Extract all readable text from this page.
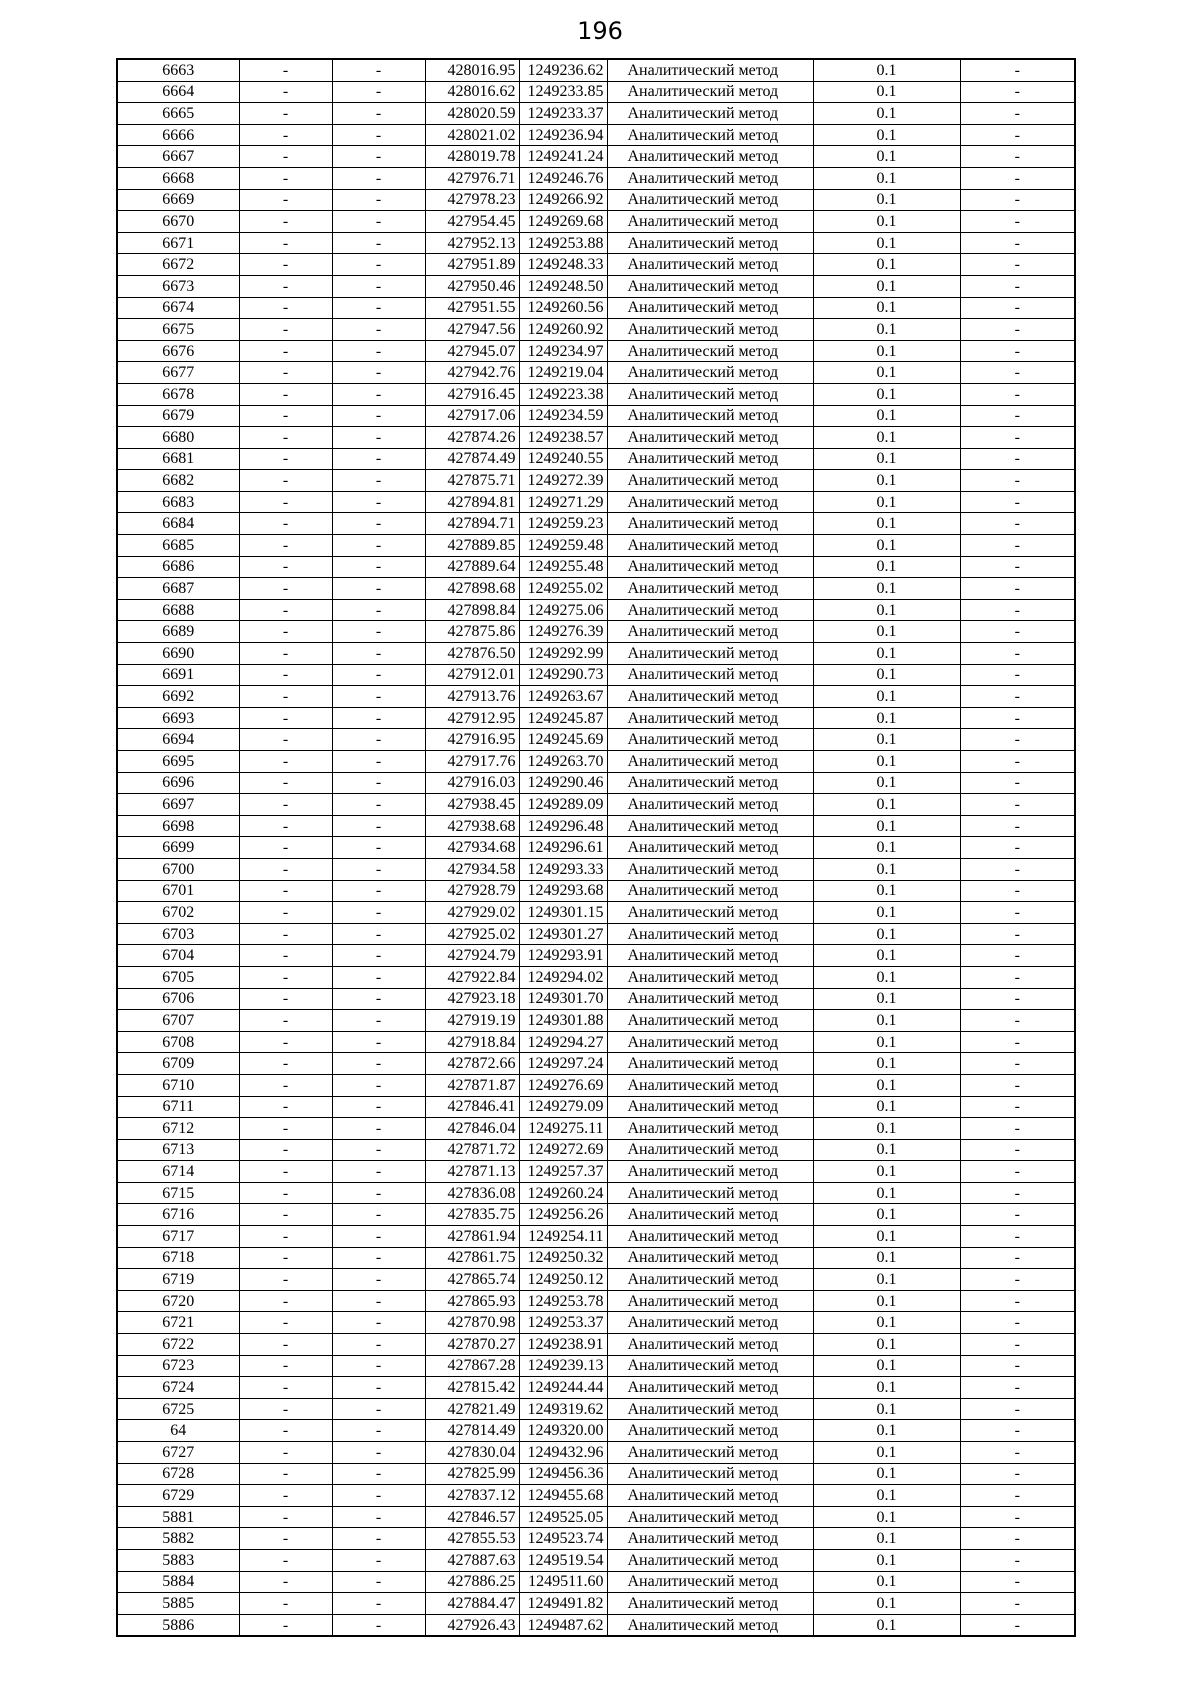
196
6663	-	-	428016.95	1249236.62	Аналитический метод	0.1	-
6664	-	-	428016.62	1249233.85	Аналитический метод	0.1	-
6665	-	-	428020.59	1249233.37	Аналитический метод	0.1	-
6666	-	-	428021.02	1249236.94	Аналитический метод	0.1	-
6667	-	-	428019.78	1249241.24	Аналитический метод	0.1	-
6668	-	-	427976.71	1249246.76	Аналитический метод	0.1	-
6669	-	-	427978.23	1249266.92	Аналитический метод	0.1	-
6670	-	-	427954.45	1249269.68	Аналитический метод	0.1	-
6671	-	-	427952.13	1249253.88	Аналитический метод	0.1	-
6672	-	-	427951.89	1249248.33	Аналитический метод	0.1	-
6673	-	-	427950.46	1249248.50	Аналитический метод	0.1	-
6674	-	-	427951.55	1249260.56	Аналитический метод	0.1	-
6675	-	-	427947.56	1249260.92	Аналитический метод	0.1	-
6676	-	-	427945.07	1249234.97	Аналитический метод	0.1	-
6677	-	-	427942.76	1249219.04	Аналитический метод	0.1	-
6678	-	-	427916.45	1249223.38	Аналитический метод	0.1	-
6679	-	-	427917.06	1249234.59	Аналитический метод	0.1	-
6680	-	-	427874.26	1249238.57	Аналитический метод	0.1	-
6681	-	-	427874.49	1249240.55	Аналитический метод	0.1	-
6682	-	-	427875.71	1249272.39	Аналитический метод	0.1	-
6683	-	-	427894.81	1249271.29	Аналитический метод	0.1	-
6684	-	-	427894.71	1249259.23	Аналитический метод	0.1	-
6685	-	-	427889.85	1249259.48	Аналитический метод	0.1	-
6686	-	-	427889.64	1249255.48	Аналитический метод	0.1	-
6687	-	-	427898.68	1249255.02	Аналитический метод	0.1	-
6688	-	-	427898.84	1249275.06	Аналитический метод	0.1	-
6689	-	-	427875.86	1249276.39	Аналитический метод	0.1	-
6690	-	-	427876.50	1249292.99	Аналитический метод	0.1	-
6691	-	-	427912.01	1249290.73	Аналитический метод	0.1	-
6692	-	-	427913.76	1249263.67	Аналитический метод	0.1	-
6693	-	-	427912.95	1249245.87	Аналитический метод	0.1	-
6694	-	-	427916.95	1249245.69	Аналитический метод	0.1	-
6695	-	-	427917.76	1249263.70	Аналитический метод	0.1	-
6696	-	-	427916.03	1249290.46	Аналитический метод	0.1	-
6697	-	-	427938.45	1249289.09	Аналитический метод	0.1	-
6698	-	-	427938.68	1249296.48	Аналитический метод	0.1	-
6699	-	-	427934.68	1249296.61	Аналитический метод	0.1	-
6700	-	-	427934.58	1249293.33	Аналитический метод	0.1	-
6701	-	-	427928.79	1249293.68	Аналитический метод	0.1	-
6702	-	-	427929.02	1249301.15	Аналитический метод	0.1	-
6703	-	-	427925.02	1249301.27	Аналитический метод	0.1	-
6704	-	-	427924.79	1249293.91	Аналитический метод	0.1	-
6705	-	-	427922.84	1249294.02	Аналитический метод	0.1	-
6706	-	-	427923.18	1249301.70	Аналитический метод	0.1	-
6707	-	-	427919.19	1249301.88	Аналитический метод	0.1	-
6708	-	-	427918.84	1249294.27	Аналитический метод	0.1	-
6709	-	-	427872.66	1249297.24	Аналитический метод	0.1	-
6710	-	-	427871.87	1249276.69	Аналитический метод	0.1	-
6711	-	-	427846.41	1249279.09	Аналитический метод	0.1	-
6712	-	-	427846.04	1249275.11	Аналитический метод	0.1	-
6713	-	-	427871.72	1249272.69	Аналитический метод	0.1	-
6714	-	-	427871.13	1249257.37	Аналитический метод	0.1	-
6715	-	-	427836.08	1249260.24	Аналитический метод	0.1	-
6716	-	-	427835.75	1249256.26	Аналитический метод	0.1	-
6717	-	-	427861.94	1249254.11	Аналитический метод	0.1	-
6718	-	-	427861.75	1249250.32	Аналитический метод	0.1	-
6719	-	-	427865.74	1249250.12	Аналитический метод	0.1	-
6720	-	-	427865.93	1249253.78	Аналитический метод	0.1	-
6721	-	-	427870.98	1249253.37	Аналитический метод	0.1	-
6722	-	-	427870.27	1249238.91	Аналитический метод	0.1	-
6723	-	-	427867.28	1249239.13	Аналитический метод	0.1	-
6724	-	-	427815.42	1249244.44	Аналитический метод	0.1	-
6725	-	-	427821.49	1249319.62	Аналитический метод	0.1	-
64	-	-	427814.49	1249320.00	Аналитический метод	0.1	-
6727	-	-	427830.04	1249432.96	Аналитический метод	0.1	-
6728	-	-	427825.99	1249456.36	Аналитический метод	0.1	-
6729	-	-	427837.12	1249455.68	Аналитический метод	0.1	-
5881	-	-	427846.57	1249525.05	Аналитический метод	0.1	-
5882	-	-	427855.53	1249523.74	Аналитический метод	0.1	-
5883	-	-	427887.63	1249519.54	Аналитический метод	0.1	-
5884	-	-	427886.25	1249511.60	Аналитический метод	0.1	-
5885	-	-	427884.47	1249491.82	Аналитический метод	0.1	-
5886	-	-	427926.43	1249487.62	Аналитический метод	0.1	-
